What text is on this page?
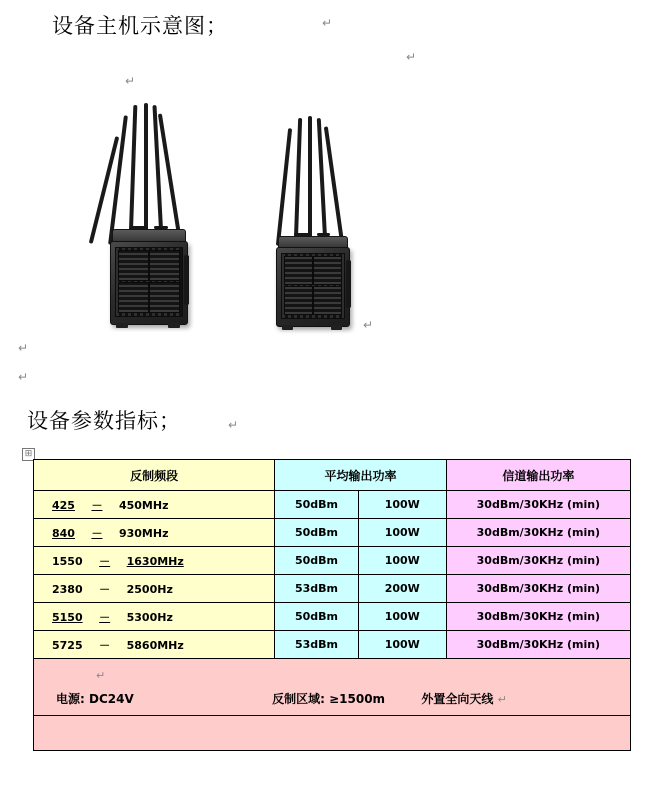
设备主机示意图；
设备参数指标；
↵
↵
↵
↵
↵
↵
↵
⊞
反制频段	平均输出功率		信道输出功率
425 － 450MHz	50dBm	100W	30dBm/30KHz (min)
840 － 930MHz	50dBm	100W	30dBm/30KHz (min)
1550 － 1630MHz	50dBm	100W	30dBm/30KHz (min)
2380 － 2500Hz	53dBm	200W	30dBm/30KHz (min)
5150 － 5300Hz	50dBm	100W	30dBm/30KHz (min)
5725 － 5860MHz	53dBm	100W	30dBm/30KHz (min)

↵
电源: DC24V 反制区域: ≥1500m 外置全向天线 ↵			
